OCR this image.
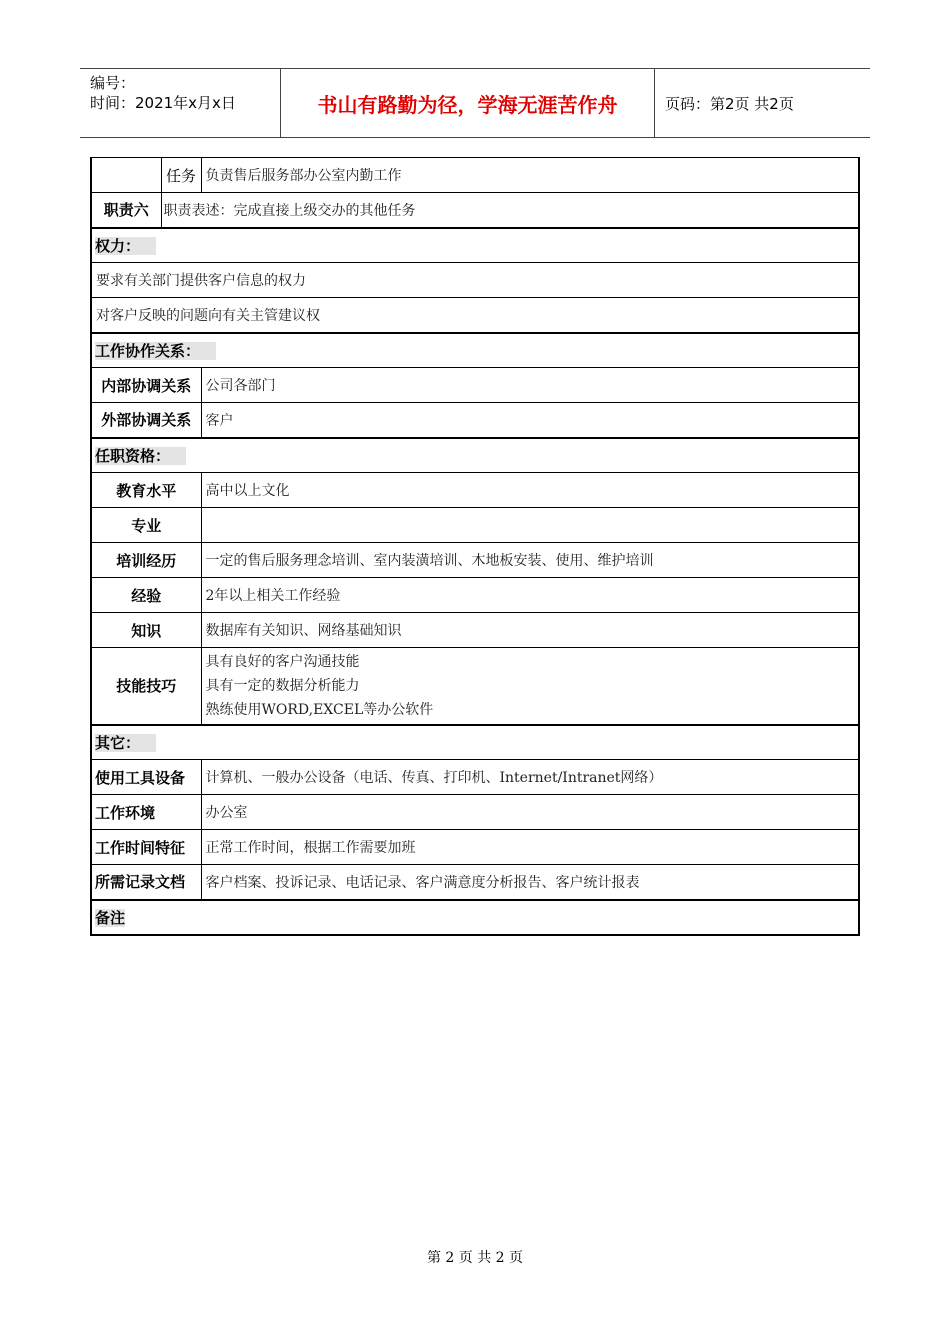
编号：
时间：2021年x月x日	书山有路勤为径，学海无涯苦作舟	页码：第2页 共2页
	任务	负责售后服务部办公室内勤工作
职责六	职责表述：完成直接上级交办的其他任务	
权力：		
要求有关部门提供客户信息的权力		
对客户反映的问题向有关主管建议权		
工作协作关系：		
内部协调关系		公司各部门
外部协调关系		客户
任职资格：		
教育水平		高中以上文化
专业		
培训经历		一定的售后服务理念培训、室内装潢培训、木地板安装、使用、维护培训
经验		2年以上相关工作经验
知识		数据库有关知识、网络基础知识
技能技巧		具有良好的客户沟通技能
具有一定的数据分析能力
熟练使用WORD,EXCEL等办公软件

其它：		
使用工具设备		计算机、一般办公设备（电话、传真、打印机、Internet/Intranet网络）
工作环境		办公室
工作时间特征		正常工作时间，根据工作需要加班
所需记录文档		客户档案、投诉记录、电话记录、客户满意度分析报告、客户统计报表
备注		
第 2 页 共 2 页
